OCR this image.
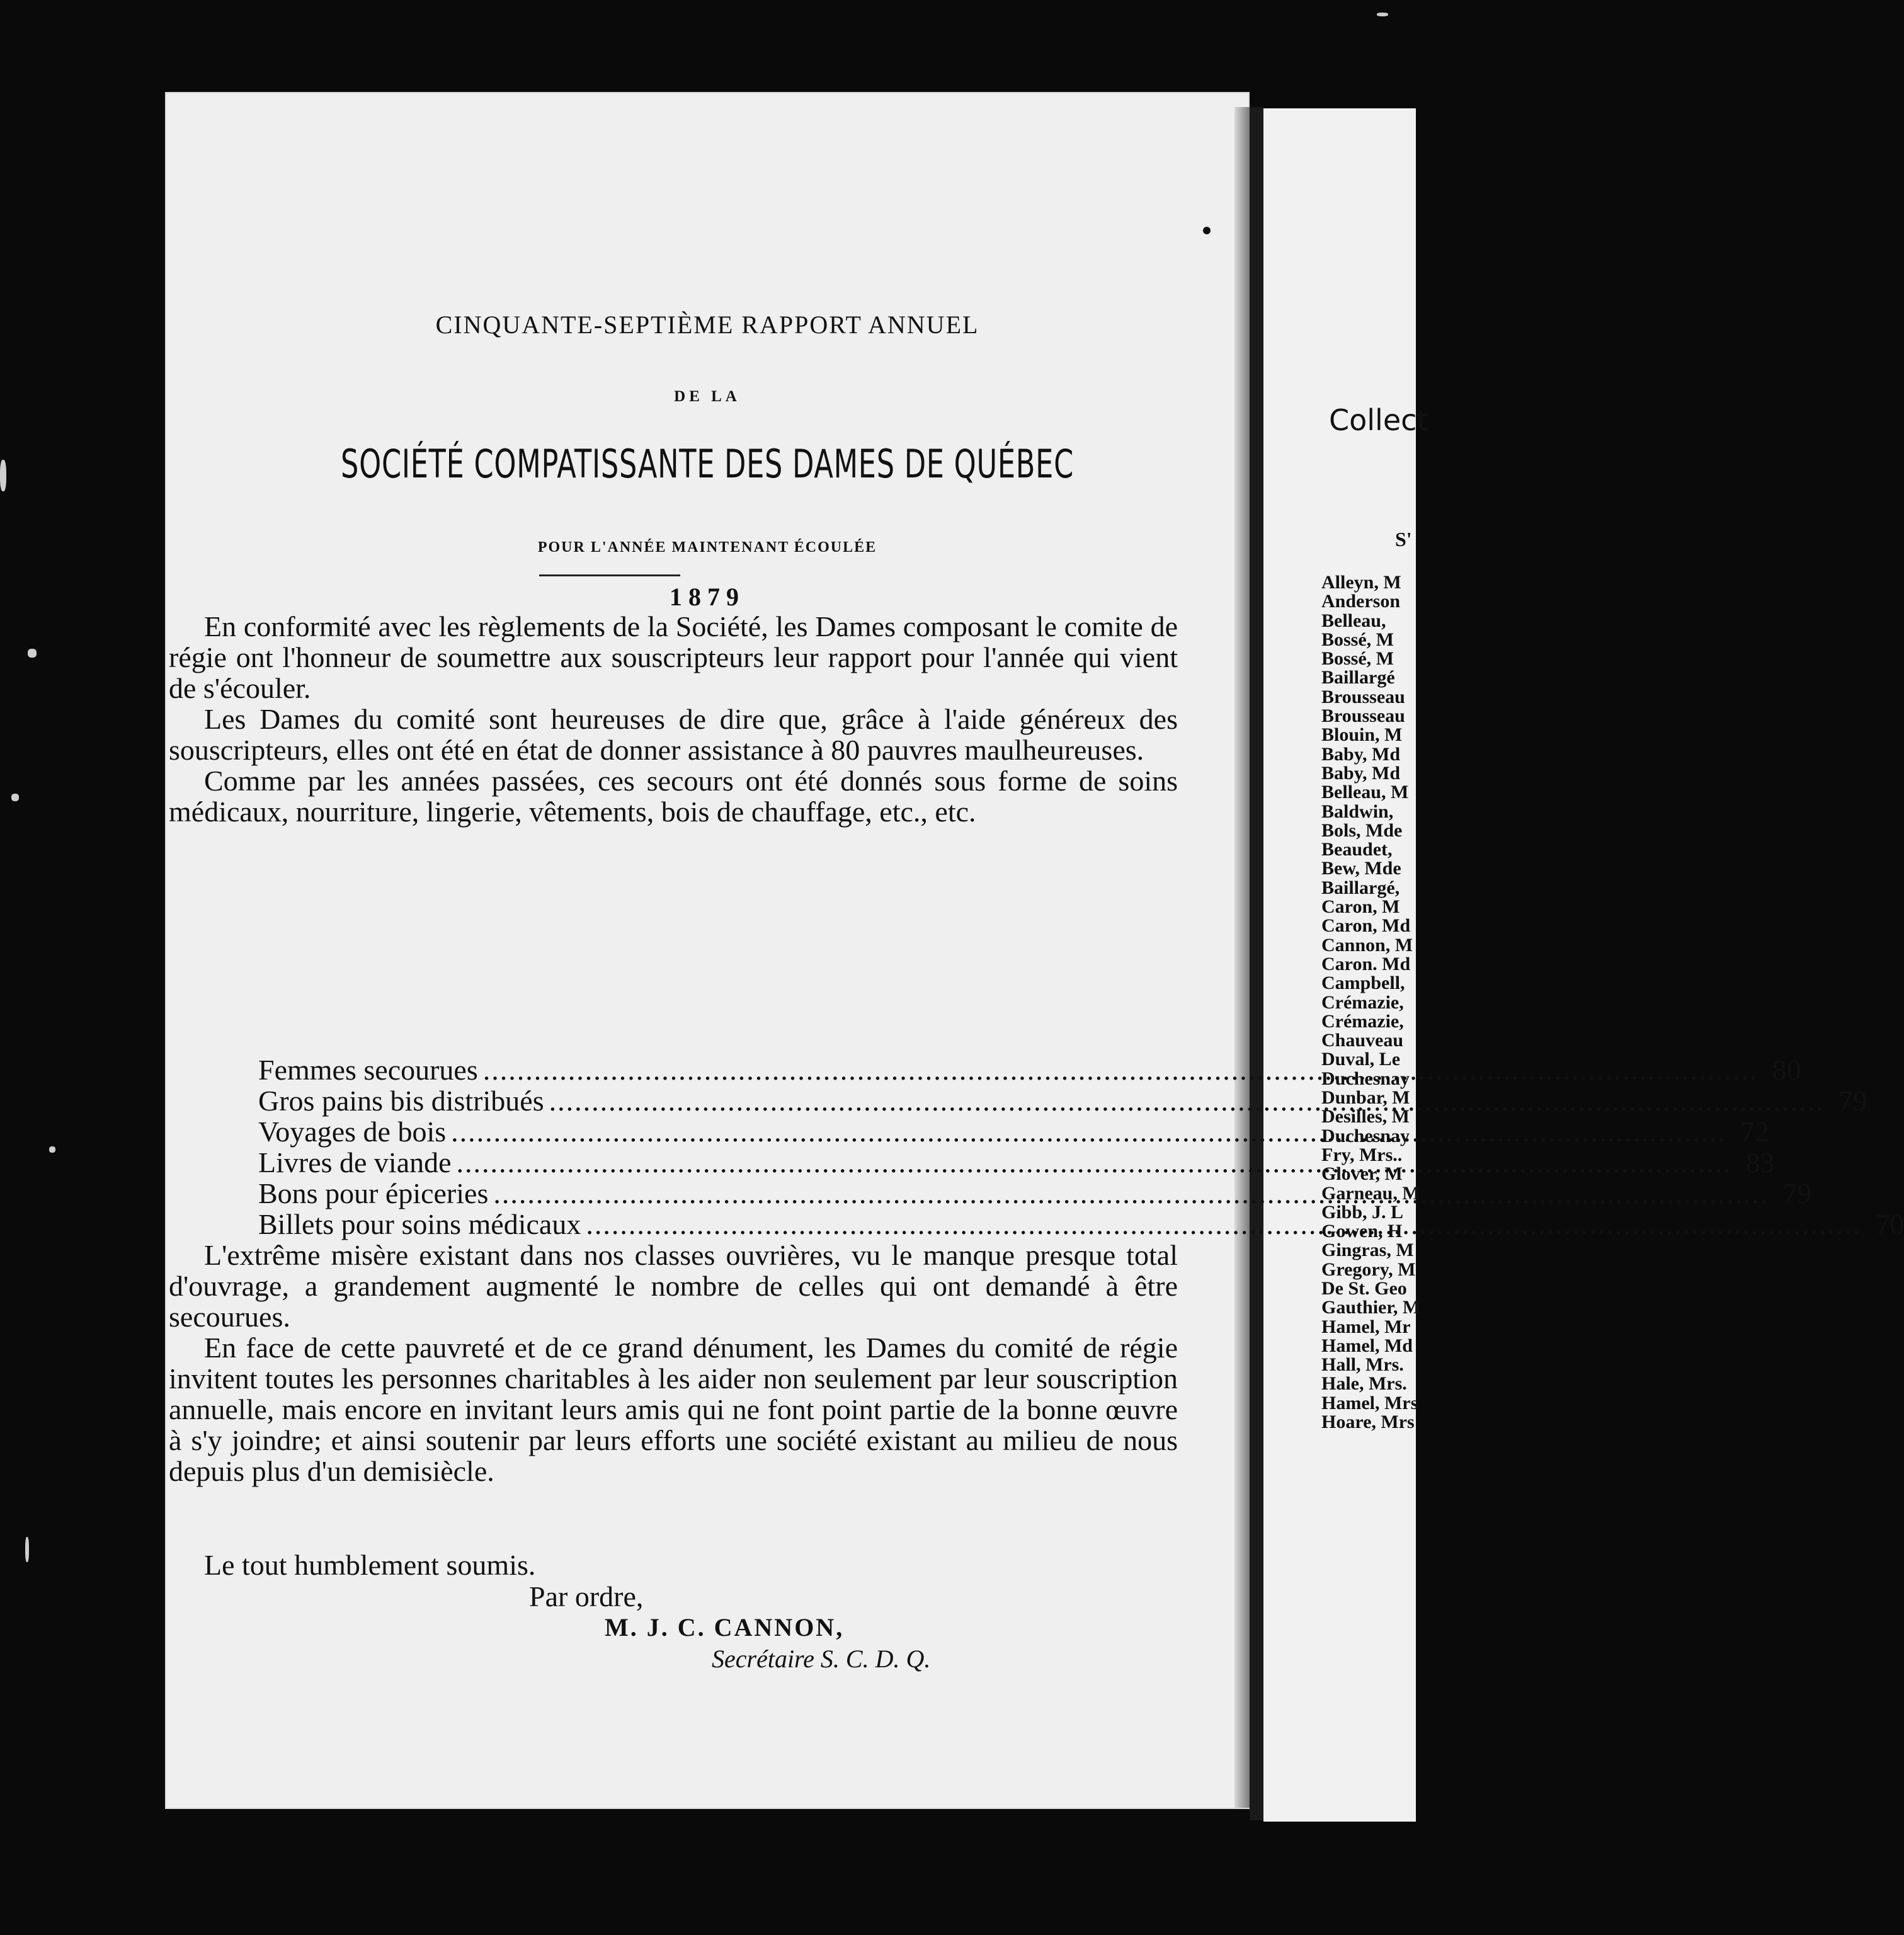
CINQUANTE-SEPTIÈME RAPPORT ANNUEL
DE LA
SOCIÉTÉ COMPATISSANTE DES DAMES DE QUÉBEC
POUR L'ANNÉE MAINTENANT ÉCOULÉE
1879

En conformité avec les règlements de la Société, les Dames composant le comite de régie ont l'honneur de soumettre aux souscripteurs leur rapport pour l'année qui vient de s'écouler.

Les Dames du comité sont heureuses de dire que, grâce à l'aide généreux des souscripteurs, elles ont été en état de donner assistance à 80 pauvres maulheureuses.

Comme par les années passées, ces secours ont été donnés sous forme de soins médicaux, nourriture, lingerie, vêtements, bois de chauffage, etc., etc.

Femmes secourues .....	80
Gros pains bis distribués .....	79
Voyages de bois .....	72
Livres de viande .....	83
Bons pour épiceries .....	79
Billets pour soins médicaux .....	70

L'extrême misère existant dans nos classes ouvrières, vu le manque presque total d'ouvrage, a grandement augmenté le nombre de celles qui ont demandé à être secourues.

En face de cette pauvreté et de ce grand dénument, les Dames du comité de régie invitent toutes les personnes charitables à les aider non seulement par leur souscription annuelle, mais encore en invitant leurs amis qui ne font point partie de la bonne œuvre à s'y joindre; et ainsi soutenir par leurs efforts une société existant au milieu de nous depuis plus d'un demisiècle.

Le tout humblement soumis.
Par ordre,
M. J. C. CANNON,
Secrétaire S. C. D. Q.
Collect
S'
Alleyn, M
Anderson
Belleau,
Bossé, M
Bossé, M
Baillargé
Brousseau
Brousseau
Blouin, M
Baby, Md
Baby, Md
Belleau, M
Baldwin,
Bols, Mde
Beaudet,
Bew, Mde
Baillargé,
Caron, M
Caron, Md
Cannon, M
Caron. Md
Campbell,
Crémazie,
Crémazie,
Chauveau
Duval, Le
Duchesnay
Dunbar, M
Desilles, M
Duchesnay
Fry, Mrs..
Glover, M
Garneau, M
Gibb, J. L
Gowen, H
Gingras, M
Gregory, M
De St. Geo
Gauthier, M
Hamel, Mr
Hamel, Md
Hall, Mrs.
Hale, Mrs.
Hamel, Mrs
Hoare, Mrs
